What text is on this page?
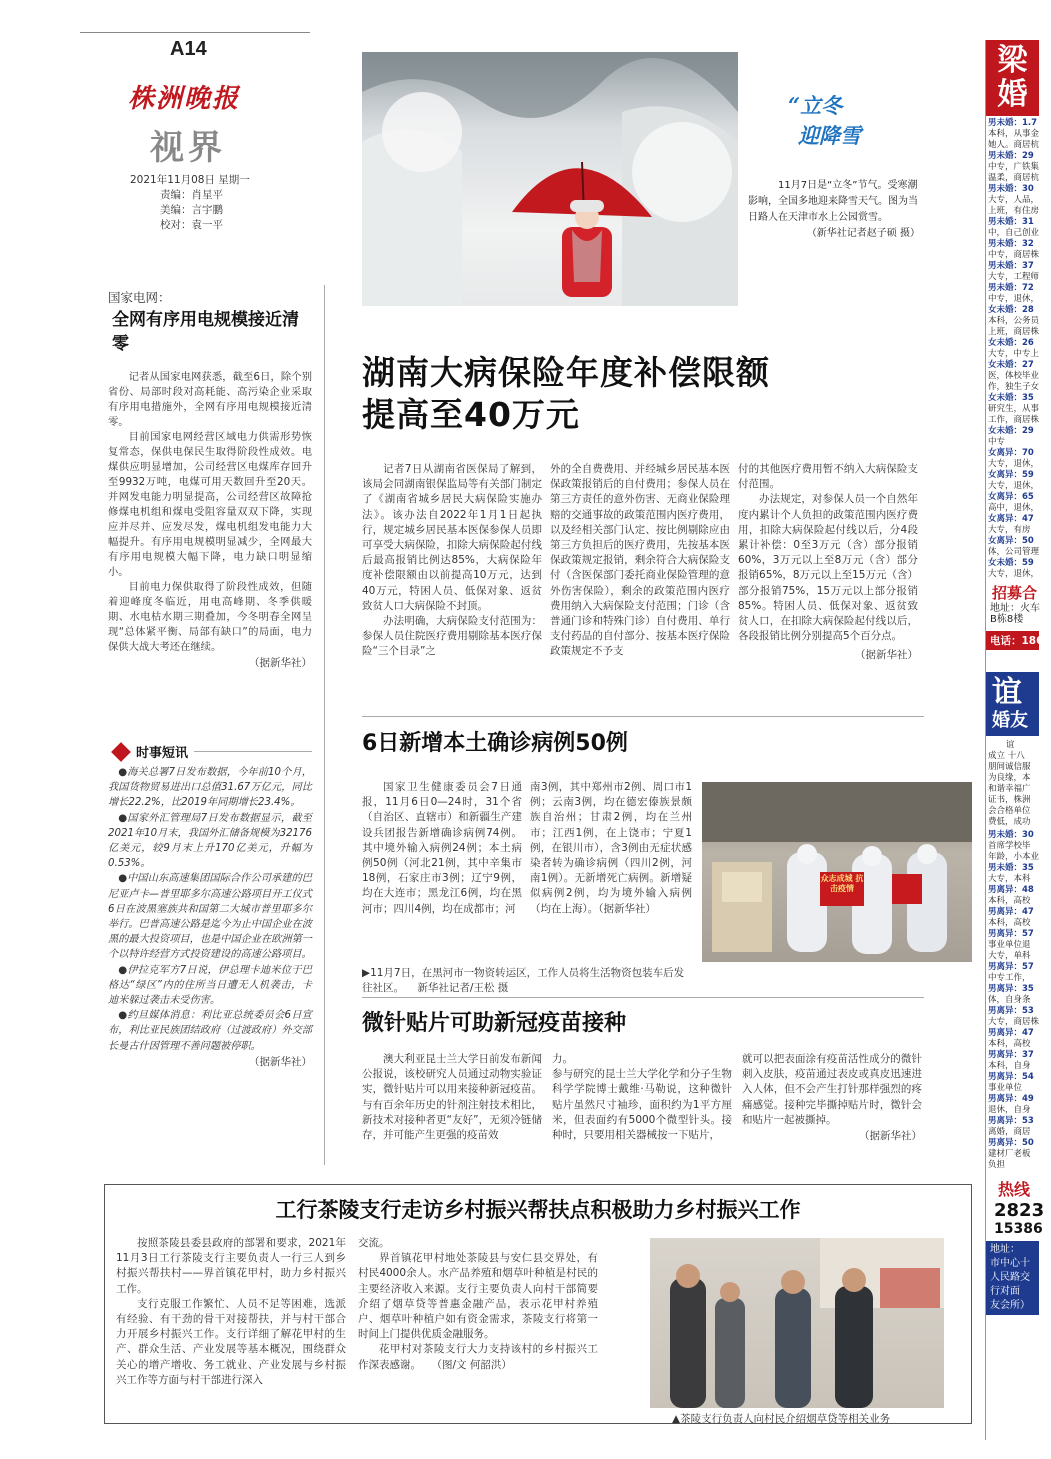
A14
株洲晚报
视界
2021年11月08日 星期一
责编：肖星平
美编：言宇鹏
校对：袁一平
“立冬
迎降雪
11月7日是“立冬”节气。受寒潮影响，全国多地迎来降雪天气。图为当日路人在天津市水上公园赏雪。
（新华社记者赵子硕 摄）
国家电网：
全网有序用电规模接近清零

记者从国家电网获悉，截至6日，除个别省份、局部时段对高耗能、高污染企业采取有序用电措施外，全网有序用电规模接近清零。

目前国家电网经营区域电力供需形势恢复常态，保供电保民生取得阶段性成效。电煤供应明显增加，公司经营区电煤库存回升至9932万吨，电煤可用天数回升至20天。并网发电能力明显提高，公司经营区故障抢修煤电机组和煤电受阻容量双双下降，实现应并尽并、应发尽发，煤电机组发电能力大幅提升。有序用电规模明显减少，全网最大有序用电规模大幅下降，电力缺口明显缩小。

目前电力保供取得了阶段性成效，但随着迎峰度冬临近，用电高峰期、冬季供暖期、水电枯水期三期叠加，今冬明春全网呈现“总体紧平衡、局部有缺口”的局面，电力保供大战大考还在继续。

（据新华社）
时事短讯

●海关总署7日发布数据，今年前10个月，我国货物贸易进出口总值31.67万亿元，同比增长22.2%，比2019年同期增长23.4%。

●国家外汇管理局7日发布数据显示，截至2021年10月末，我国外汇储备规模为32176亿美元，较9月末上升170亿美元，升幅为0.53%。

●中国山东高速集团国际合作公司承建的巴尼亚卢卡—普里耶多尔高速公路项目开工仪式6日在波黑塞族共和国第二大城市普里耶多尔举行。巴普高速公路是迄今为止中国企业在波黑的最大投资项目，也是中国企业在欧洲第一个以特许经营方式投资建设的高速公路项目。

●伊拉克军方7日说，伊总理卡迪米位于巴格达“绿区”内的住所当日遭无人机袭击，卡迪米躲过袭击未受伤害。

●约旦媒体消息：利比亚总统委员会6日宣布，利比亚民族团结政府（过渡政府）外交部长曼古什因管理不善问题被停职。

（据新华社）
湖南大病保险年度补偿限额
提高至40万元

记者7日从湖南省医保局了解到，该局会同湖南银保监局等有关部门制定了《湖南省城乡居民大病保险实施办法》。该办法自2022年1月1日起执行，规定城乡居民基本医保参保人员即可享受大病保险，扣除大病保险起付线后最高报销比例达85%，大病保险年度补偿限额由以前提高10万元，达到40万元，特困人员、低保对象、返贫致贫人口大病保险不封顶。

办法明确，大病保险支付范围为：参保人员住院医疗费用剔除基本医疗保险“三个目录”之

外的全自费费用、并经城乡居民基本医保政策报销后的自付费用；参保人员在第三方责任的意外伤害、无商业保险理赔的交通事故的政策范围内医疗费用，以及经相关部门认定、按比例剔除应由第三方负担后的医疗费用，先按基本医保政策规定报销，剩余符合大病保险支付（含医保部门委托商业保险管理的意外伤害保险），剩余的政策范围内医疗费用纳入大病保险支付范围；门诊（含普通门诊和特殊门诊）自付费用、单行支付药品的自付部分、按基本医疗保险政策规定不予支

付的其他医疗费用暂不纳入大病保险支付范围。

办法规定，对参保人员一个自然年度内累计个人负担的政策范围内医疗费用，扣除大病保险起付线以后，分4段累计补偿：0至3万元（含）部分报销60%，3万元以上至8万元（含）部分报销65%，8万元以上至15万元（含）部分报销75%，15万元以上部分报销85%。特困人员、低保对象、返贫致贫人口，在扣除大病保险起付线以后，各段报销比例分别提高5个百分点。

（据新华社）
6日新增本土确诊病例50例
国家卫生健康委员会7日通报，11月6日0—24时，31个省（自治区、直辖市）和新疆生产建设兵团报告新增确诊病例74例。其中境外输入病例24例；本土病例50例（河北21例，其中辛集市18例，石家庄市3例；辽宁9例，均在大连市；黑龙江6例，均在黑河市；四川4例，均在成都市；河
南3例，其中郑州市2例、周口市1例；云南3例，均在德宏傣族景颇族自治州；甘肃2例，均在兰州市；江西1例，在上饶市；宁夏1例，在银川市），含3例由无症状感染者转为确诊病例（四川2例，河南1例）。无新增死亡病例。新增疑似病例2例，均为境外输入病例（均在上海）。（据新华社）
众志成城 抗击疫情
▶11月7日，在黑河市一物资转运区，工作人员将生活物资包装车后发往社区。 新华社记者/王松 摄
微针贴片可助新冠疫苗接种
澳大利亚昆士兰大学日前发布新闻公报说，该校研究人员通过动物实验证实，微针贴片可以用来接种新冠疫苗。与有百余年历史的针剂注射技术相比，新技术对接种者更“友好”，无须冷链储存，并可能产生更强的疫苗效
力。
参与研究的昆士兰大学化学和分子生物科学学院博士戴维·马勒说，这种微针贴片虽然尺寸袖珍，面积约为1平方厘米，但表面约有5000个微型针头。接种时，只要用相关器械按一下贴片，
就可以把表面涂有疫苗活性成分的微针刺入皮肤，疫苗通过表皮或真皮迅速进入人体，但不会产生打针那样强烈的疼痛感觉。接种完毕撕掉贴片时，微针会和贴片一起被撕掉。
（据新华社）
工行茶陵支行走访乡村振兴帮扶点积极助力乡村振兴工作

按照茶陵县委县政府的部署和要求，2021年11月3日工行茶陵支行主要负责人一行三人到乡村振兴帮扶村——界首镇花甲村，助力乡村振兴工作。

支行克服工作繁忙、人员不足等困难，选派有经验、有干劲的骨干对接帮扶，并与村干部合力开展乡村振兴工作。支行详细了解花甲村的生产、群众生活、产业发展等基本概况，围绕群众关心的增产增收、务工就业、产业发展与乡村振兴工作等方面与村干部进行深入

交流。

界首镇花甲村地处茶陵县与安仁县交界处，有村民4000余人。水产品养殖和烟草叶种植是村民的主要经济收入来源。支行主要负责人向村干部简要介绍了烟草贷等普惠金融产品，表示花甲村养殖户、烟草叶种植户如有资金需求，茶陵支行将第一时间上门提供优质金融服务。

花甲村对茶陵支行大力支持该村的乡村振兴工作深表感谢。　　（图/文 何韶洪）

▲茶陵支行负责人向村民介绍烟草贷等相关业务
梁
婚
男未婚：1.7
本科，从事金
她人。商居杭
男未婚：29
中专，广铁集
温柔，商居杭
男未婚：30
大专，人品，
上班，有住房
男未婚：31
中，自己创业
男未婚：32
中专，商居株
男未婚：37
大专，工程师
男未婚：72
中专，退休，
女未婚：28
本科，公务员
上班，商居株
女未婚：26
大专，中专上
女未婚：27
医，体校毕业
作，独生子女
女未婚：35
研究生，从事
工作，商居株
女未婚：29
中专
女离异：70
大专，退休，
女离异：59
大专，退休，
女离异：65
高中，退休，
女离异：47
大专，有房
女离异：50
体，公司管理
女未婚：59
大专，退休，
招募合
地址：火车
B栋8楼
电话：1867
谊
婚友
谊
成立 十八
朋间诚信服
为良缘，本
和谐幸福广
证书，株洲
会合格单位
费低，成功
男未婚：30
首席学校毕
年龄，小本业
男未婚：35
大专，本科
男离异：48
本科，高校
男离异：47
本科，高校
男离异：57
事业单位退
大专，单科
男离异：57
中专工作，
男离异：35
体，自身条
男离异：53
大专，商居株
男离异：47
本科，高校
男离异：37
本科，自身
男离异：54
事业单位
男离异：49
退休，自身
男离异：53
离婚，商居
男离异：50
建材厂老板
负担
热线
2823
15386
地址：
市中心十
人民路交
行对面
友会所）
